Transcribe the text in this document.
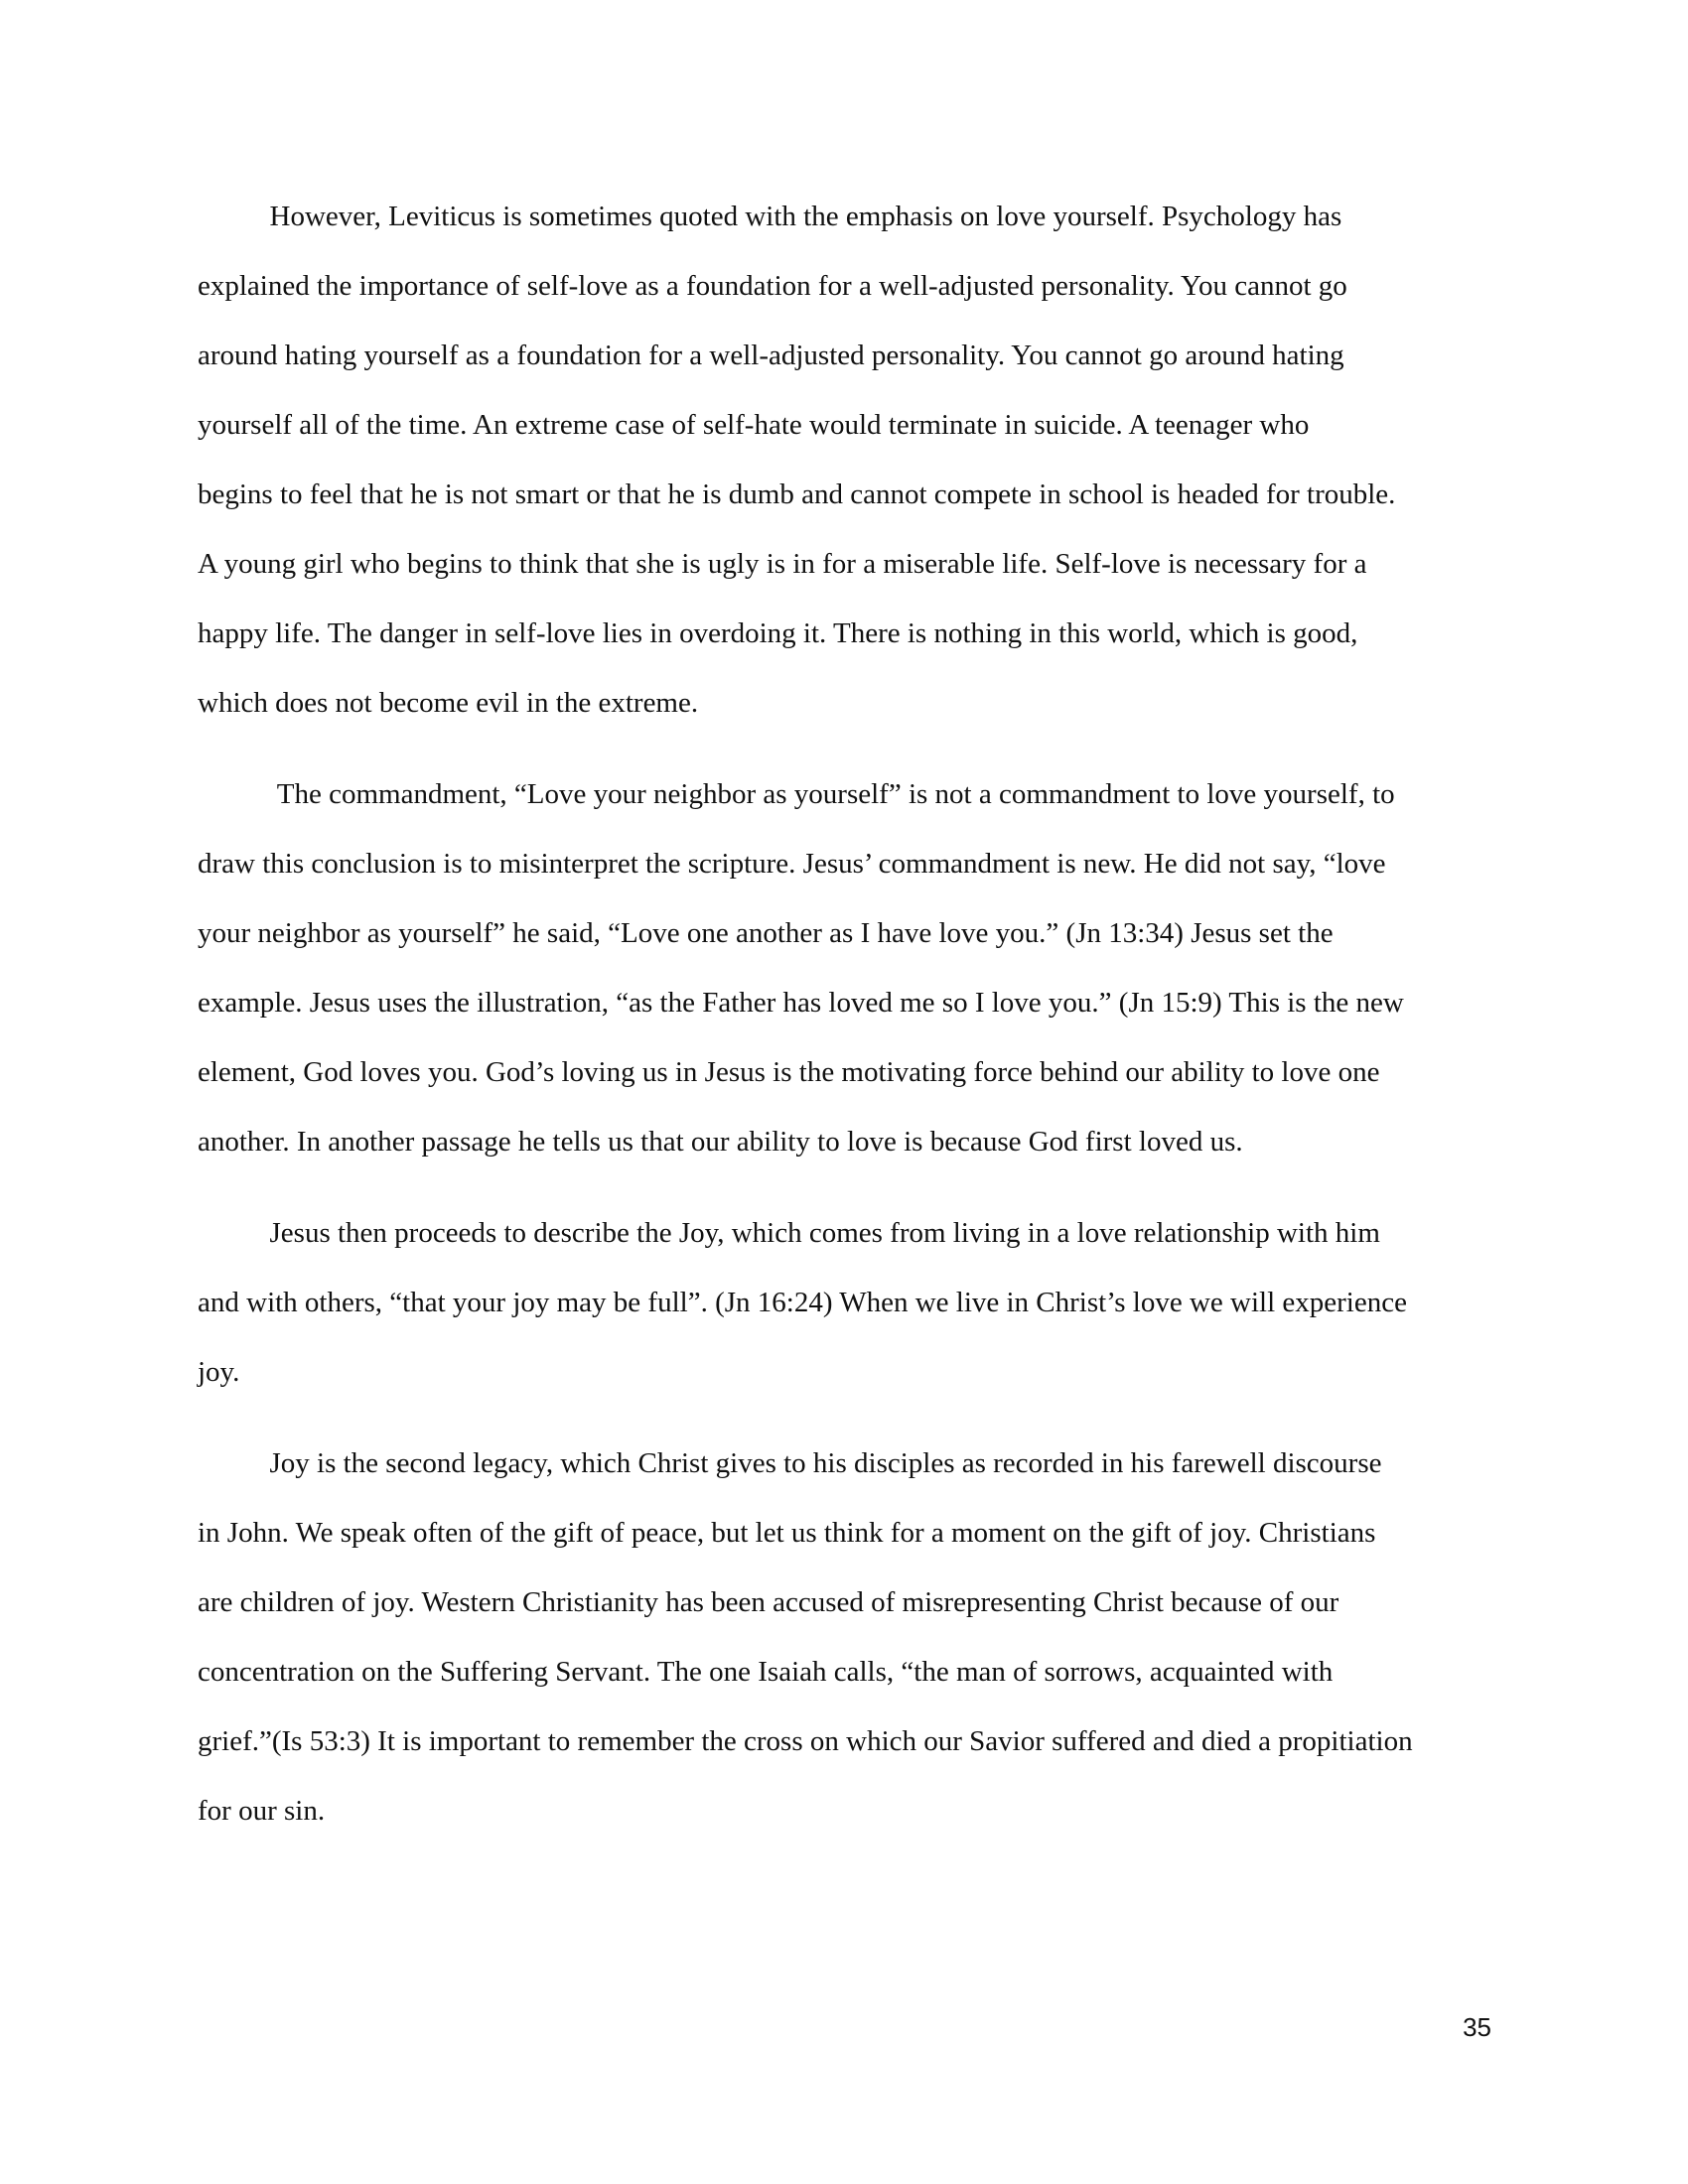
However, Leviticus is sometimes quoted with the emphasis on love yourself. Psychology has
explained the importance of self-love as a foundation for a well-adjusted personality. You cannot go
around hating yourself as a foundation for a well-adjusted personality. You cannot go around hating
yourself all of the time. An extreme case of self-hate would terminate in suicide. A teenager who
begins to feel that he is not smart or that he is dumb and cannot compete in school is headed for trouble.
A young girl who begins to think that she is ugly is in for a miserable life. Self-love is necessary for a
happy life. The danger in self-love lies in overdoing it. There is nothing in this world, which is good,
which does not become evil in the extreme.

The commandment, “Love your neighbor as yourself” is not a commandment to love yourself, to
draw this conclusion is to misinterpret the scripture. Jesus’ commandment is new. He did not say, “love
your neighbor as yourself” he said, “Love one another as I have love you.” (Jn 13:34) Jesus set the
example. Jesus uses the illustration, “as the Father has loved me so I love you.” (Jn 15:9) This is the new
element, God loves you. God’s loving us in Jesus is the motivating force behind our ability to love one
another. In another passage he tells us that our ability to love is because God first loved us.

Jesus then proceeds to describe the Joy, which comes from living in a love relationship with him
and with others, “that your joy may be full”. (Jn 16:24) When we live in Christ’s love we will experience
joy.

Joy is the second legacy, which Christ gives to his disciples as recorded in his farewell discourse
in John. We speak often of the gift of peace, but let us think for a moment on the gift of joy. Christians
are children of joy. Western Christianity has been accused of misrepresenting Christ because of our
concentration on the Suffering Servant. The one Isaiah calls, “the man of sorrows, acquainted with
grief.”(Is 53:3) It is important to remember the cross on which our Savior suffered and died a propitiation
for our sin.

35
